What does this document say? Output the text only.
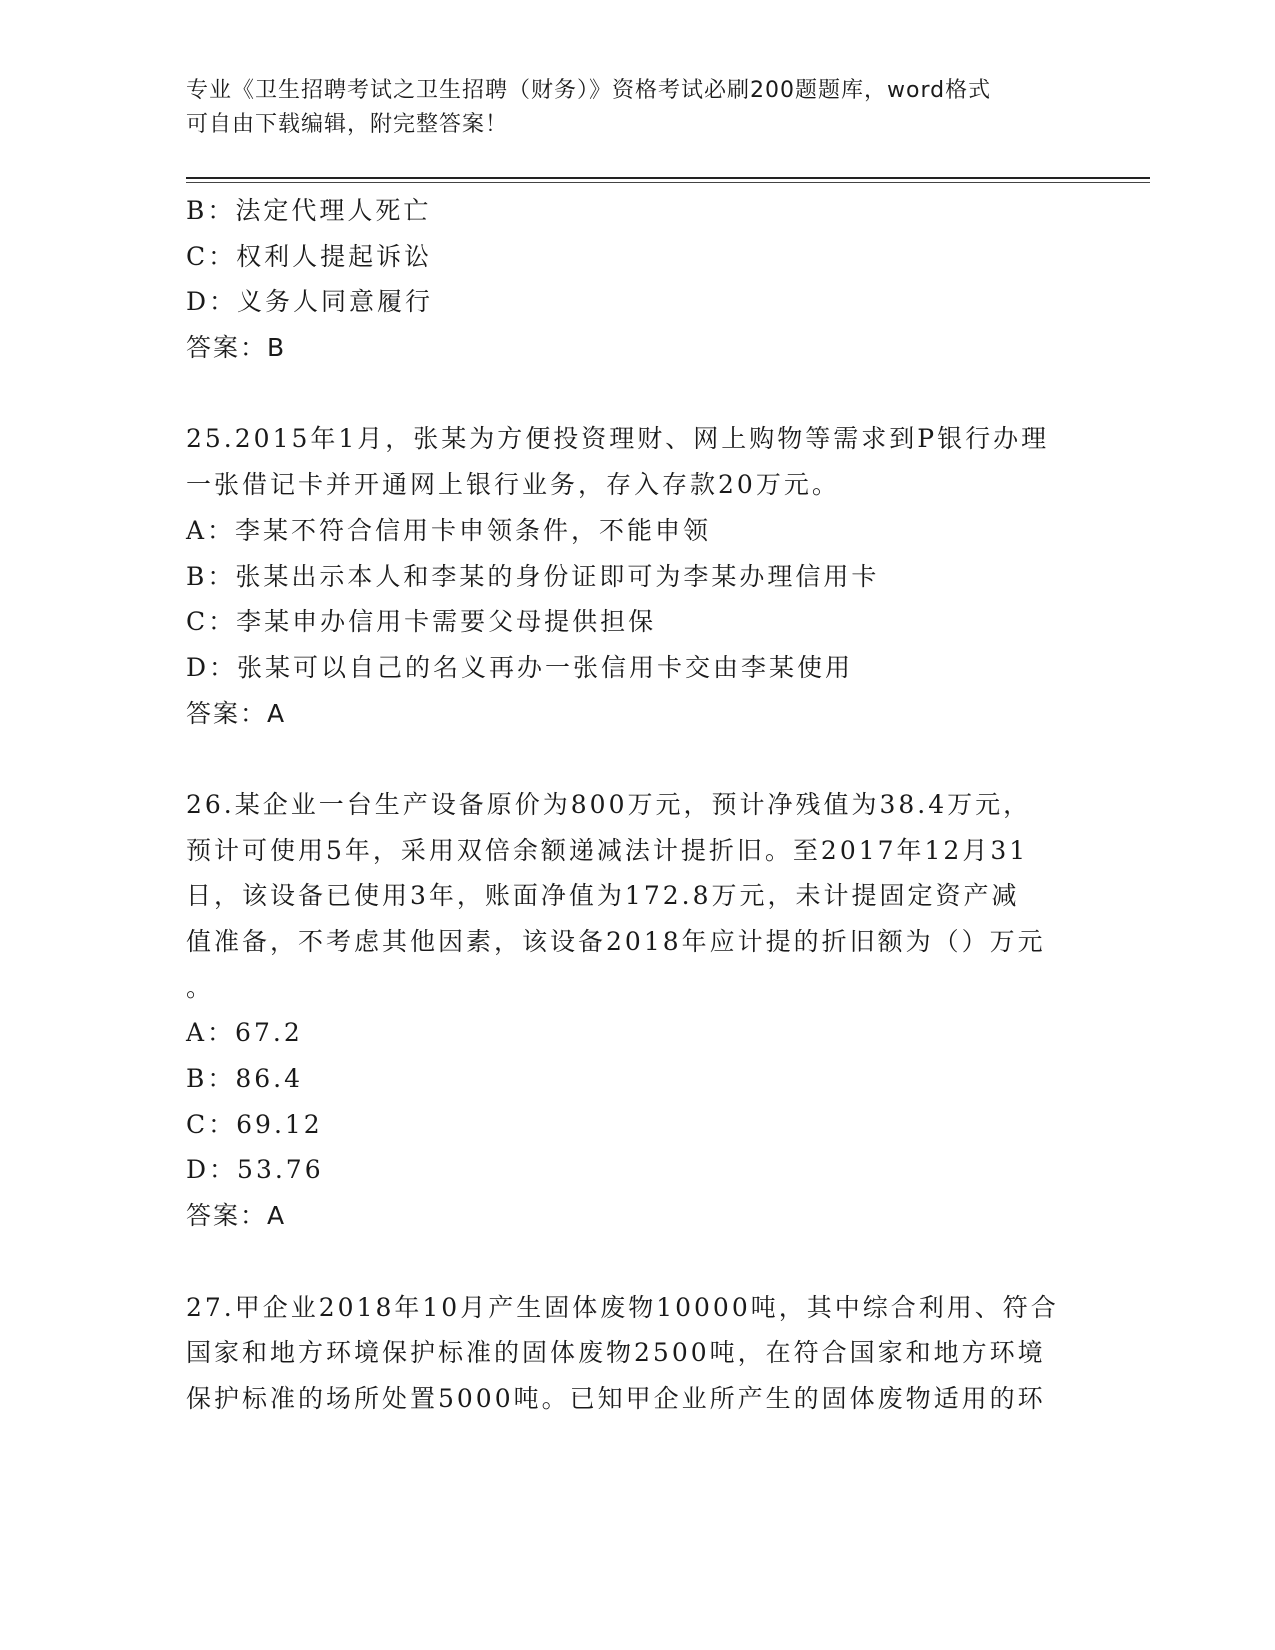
专业《卫生招聘考试之卫生招聘（财务）》资格考试必刷200题题库，word格式
可自由下载编辑，附完整答案！
B：法定代理人死亡
C：权利人提起诉讼
D：义务人同意履行
答案：B
25.2015年1月，张某为方便投资理财、网上购物等需求到P银行办理
一张借记卡并开通网上银行业务，存入存款20万元。
A：李某不符合信用卡申领条件，不能申领
B：张某出示本人和李某的身份证即可为李某办理信用卡
C：李某申办信用卡需要父母提供担保
D：张某可以自己的名义再办一张信用卡交由李某使用
答案：A
26.某企业一台生产设备原价为800万元，预计净残值为38.4万元，
预计可使用5年，采用双倍余额递减法计提折旧。至2017年12月31
日，该设备已使用3年，账面净值为172.8万元，未计提固定资产减
值准备，不考虑其他因素，该设备2018年应计提的折旧额为（）万元
。
A：67.2
B：86.4
C：69.12
D：53.76
答案：A
27.甲企业2018年10月产生固体废物10000吨，其中综合利用、符合
国家和地方环境保护标准的固体废物2500吨，在符合国家和地方环境
保护标准的场所处置5000吨。已知甲企业所产生的固体废物适用的环
